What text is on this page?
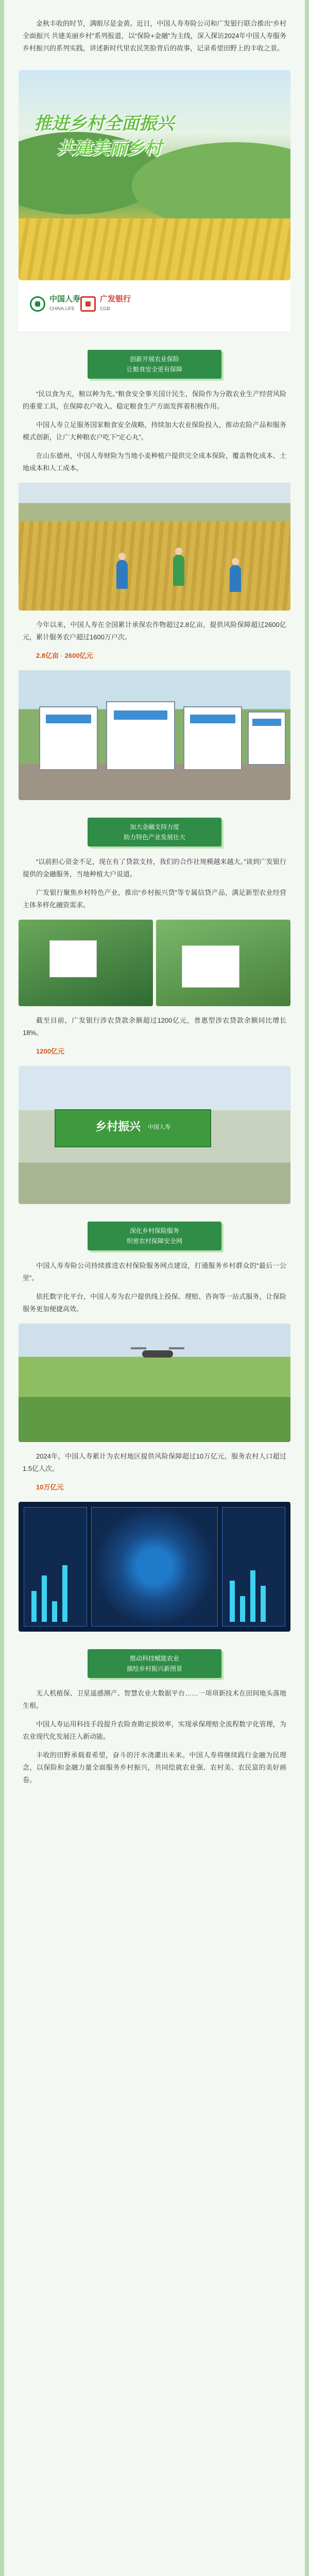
金秋丰收的时节，满眼尽是金黄。近日，中国人寿寿险公司和广发银行联合推出“乡村全面振兴 共建美丽乡村”系列报道，以“保险+金融”为主线，深入探访2024年中国人寿服务乡村振兴的系列实践，讲述新时代里农民笑脸背后的故事，记录希望田野上的丰收之景。
推进乡村全面振兴
共建美丽乡村
中国人寿
CHINA LIFE
广发银行
CGB
创新开展农业保险
让粮食安全更有保障

“民以食为天，粮以种为先。”粮食安全事关国计民生，保险作为分散农业生产经营风险的重要工具，在保障农户收入、稳定粮食生产方面发挥着积极作用。

中国人寿立足服务国家粮食安全战略，持续加大农业保险投入，推动农险产品和服务模式创新，让广大种粮农户吃下“定心丸”。

在山东德州，中国人寿财险为当地小麦种植户提供完全成本保险，覆盖物化成本、土地成本和人工成本。

今年以来，中国人寿在全国累计承保农作物超过2.8亿亩，提供风险保障超过2600亿元，累计服务农户超过1600万户次。

2.8亿亩 · 2600亿元

加大金融支持力度
助力特色产业发展壮大

“以前担心资金不足，现在有了贷款支持，我们的合作社规模越来越大。”谈到广发银行提供的金融服务，当地种植大户说道。

广发银行聚焦乡村特色产业，推出“乡村振兴贷”等专属信贷产品，满足新型农业经营主体多样化融资需求。

截至目前，广发银行涉农贷款余额超过1200亿元，普惠型涉农贷款余额同比增长18%。

1200亿元

乡村振兴 中国人寿
深化乡村保险服务
织密农村保障安全网

中国人寿寿险公司持续推进农村保险服务网点建设，打通服务乡村群众的“最后一公里”。

依托数字化平台，中国人寿为农户提供线上投保、理赔、咨询等一站式服务，让保险服务更加便捷高效。

2024年，中国人寿累计为农村地区提供风险保障超过10万亿元，服务农村人口超过1.5亿人次。

10万亿元

推动科技赋能农业
描绘乡村振兴新图景

无人机植保、卫星遥感测产、智慧农业大数据平台……一项项新技术在田间地头落地生根。

中国人寿运用科技手段提升农险查勘定损效率，实现承保理赔全流程数字化管理，为农业现代化发展注入新动能。

丰收的田野承载着希望，奋斗的汗水浇灌出未来。中国人寿将继续践行金融为民理念，以保险和金融力量全面服务乡村振兴，共同绘就农业强、农村美、农民富的美好画卷。
